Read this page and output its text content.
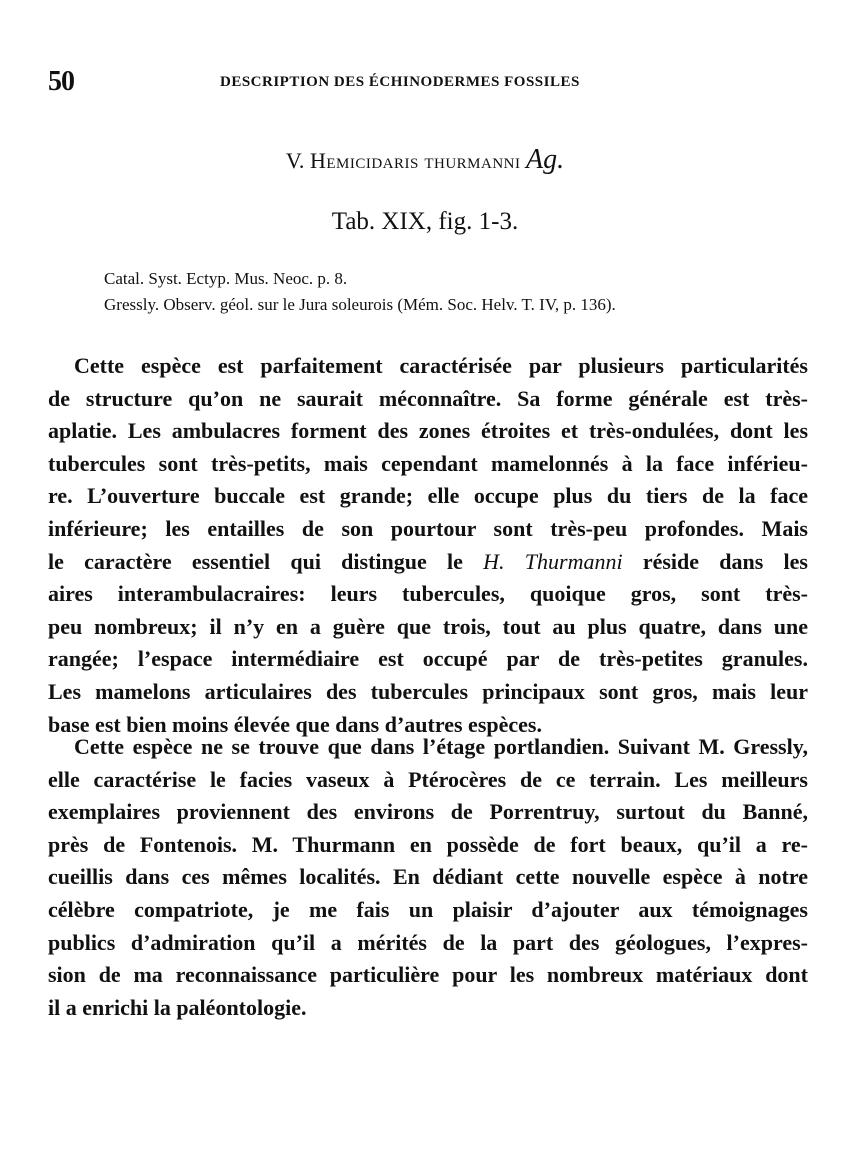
50	DESCRIPTION DES ÉCHINODERMES FOSSILES
V. Hemicidaris thurmanni Ag.
Tab. XIX, fig. 1-3.
Catal. Syst. Ectyp. Mus. Neoc. p. 8.
Gressly. Observ. géol. sur le Jura soleurois (Mém. Soc. Helv. T. IV, p. 136).
Cette espèce est parfaitement caractérisée par plusieurs particularités
de structure qu’on ne saurait méconnaître. Sa forme générale est très-
aplatie. Les ambulacres forment des zones étroites et très-ondulées, dont les
tubercules sont très-petits, mais cependant mamelonnés à la face inférieu-
re. L’ouverture buccale est grande; elle occupe plus du tiers de la face
inférieure; les entailles de son pourtour sont très-peu profondes. Mais
le caractère essentiel qui distingue le H. Thurmanni réside dans les
aires interambulacraires: leurs tubercules, quoique gros, sont très-
peu nombreux; il n’y en a guère que trois, tout au plus quatre, dans une
rangée; l’espace intermédiaire est occupé par de très-petites granules.
Les mamelons articulaires des tubercules principaux sont gros, mais leur
base est bien moins élevée que dans d’autres espèces.
Cette espèce ne se trouve que dans l’étage portlandien. Suivant M. Gressly,
elle caractérise le facies vaseux à Ptérocères de ce terrain. Les meilleurs
exemplaires proviennent des environs de Porrentruy, surtout du Banné,
près de Fontenois. M. Thurmann en possède de fort beaux, qu’il a re-
cueillis dans ces mêmes localités. En dédiant cette nouvelle espèce à notre
célèbre compatriote, je me fais un plaisir d’ajouter aux témoignages
publics d’admiration qu’il a mérités de la part des géologues, l’expres-
sion de ma reconnaissance particulière pour les nombreux matériaux dont
il a enrichi la paléontologie.
